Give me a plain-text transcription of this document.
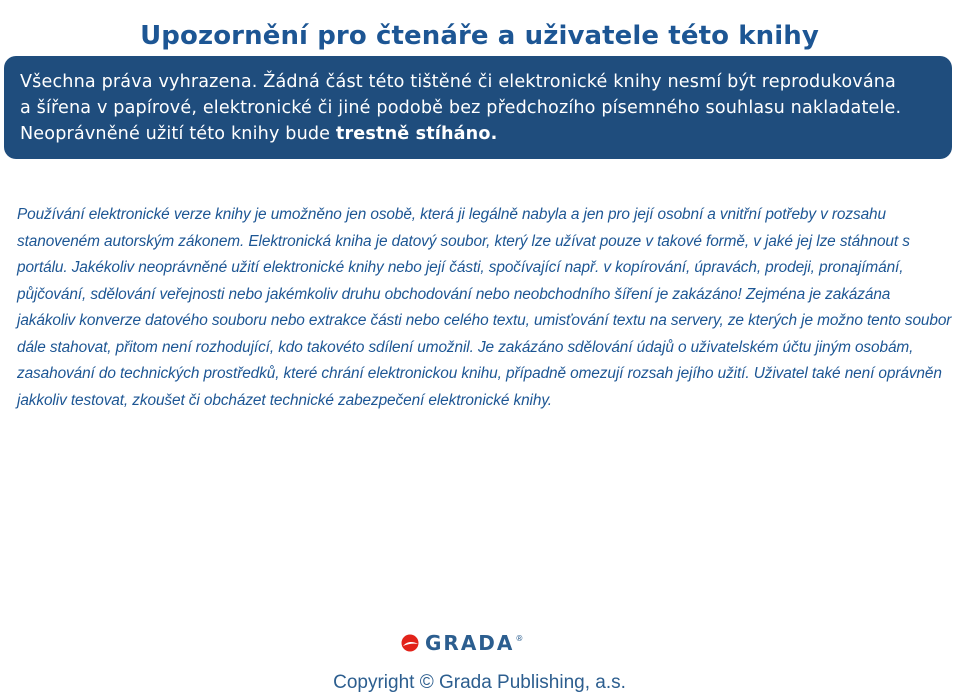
Upozornění pro čtenáře a uživatele této knihy
Všechna práva vyhrazena. Žádná část této tištěné či elektronické knihy nesmí být reprodukována
a šířena v papírové, elektronické či jiné podobě bez předchozího písemného souhlasu nakladatele.
Neoprávněné užití této knihy bude trestně stíháno.

Používání elektronické verze knihy je umožněno jen osobě, která ji legálně nabyla a jen pro její osobní a vnitřní potřeby v rozsahu stanoveném autorským zákonem. Elektronická kniha je datový soubor, který lze užívat pouze v takové formě, v jaké jej lze stáhnout s portálu. Jakékoliv neoprávněné užití elektronické knihy nebo její části, spočívající např. v kopírování, úpravách, prodeji, pronajímání, půjčování, sdělování veřejnosti nebo jakémkoliv druhu obchodování nebo neobchodního šíření je zakázáno! Zejména je zakázána jakákoliv konverze datového souboru nebo extrakce části nebo celého textu, umisťování textu na servery, ze kterých je možno tento soubor dále stahovat, přitom není rozhodující, kdo takovéto sdílení umožnil. Je zakázáno sdělování údajů o uživatelském účtu jiným osobám, zasahování do technických prostředků, které chrání elektronickou knihu, případně omezují rozsah jejího užití. Uživatel také není oprávněn jakkoliv testovat, zkoušet či obcházet technické zabezpečení elektronické knihy.

GRADA ®
Copyright © Grada Publishing, a.s.
